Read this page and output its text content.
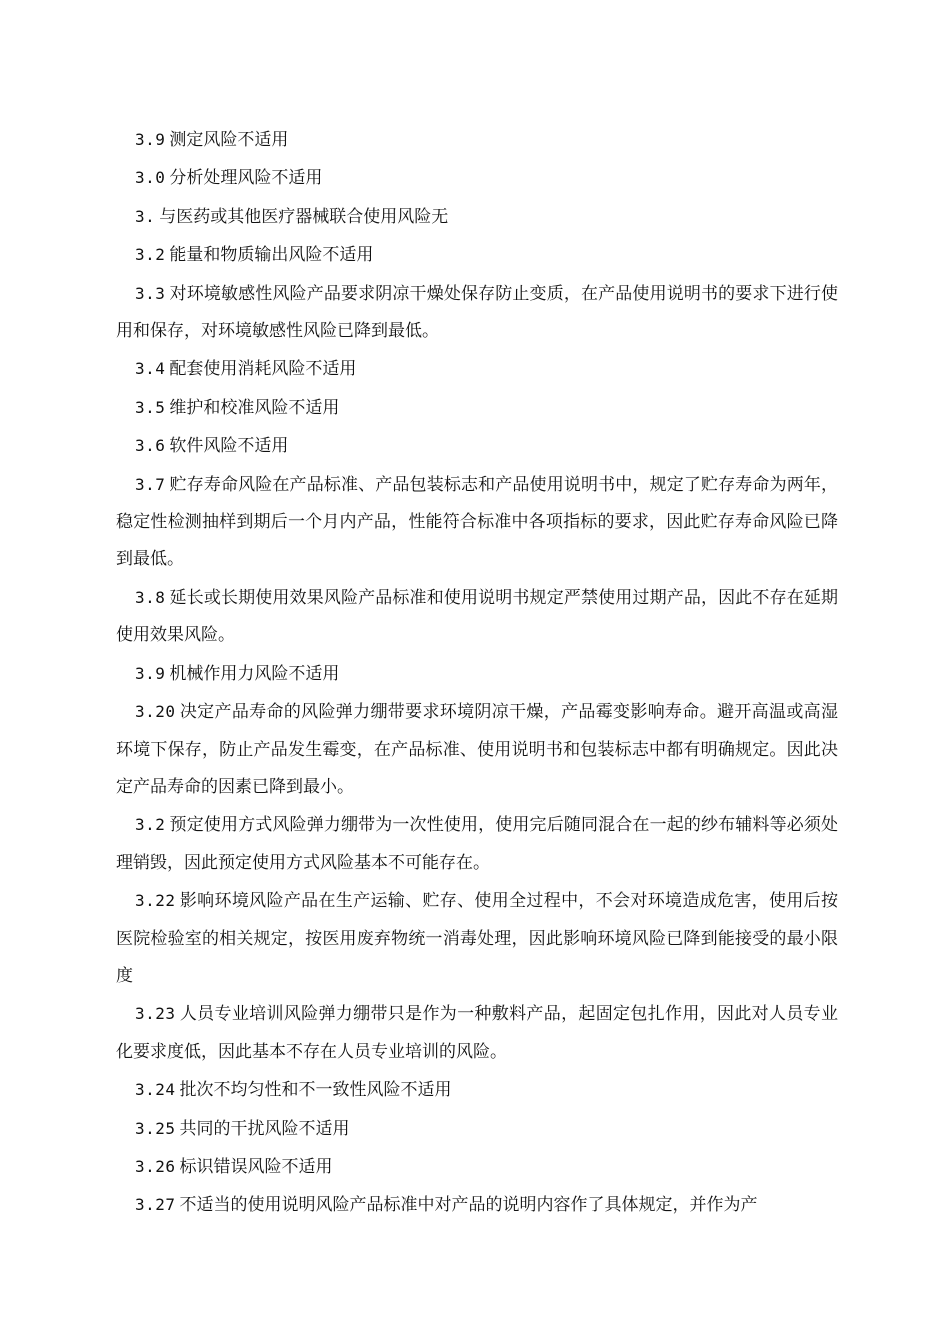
3.9 测定风险不适用

3.0 分析处理风险不适用

3. 与医药或其他医疗器械联合使用风险无

3.2 能量和物质输出风险不适用

3.3 对环境敏感性风险产品要求阴凉干燥处保存防止变质，在产品使用说明书的要求下进行使用和保存，对环境敏感性风险已降到最低。

3.4 配套使用消耗风险不适用

3.5 维护和校准风险不适用

3.6 软件风险不适用

3.7 贮存寿命风险在产品标准、产品包装标志和产品使用说明书中，规定了贮存寿命为两年，稳定性检测抽样到期后一个月内产品，性能符合标准中各项指标的要求，因此贮存寿命风险已降到最低。

3.8 延长或长期使用效果风险产品标准和使用说明书规定严禁使用过期产品，因此不存在延期使用效果风险。

3.9 机械作用力风险不适用

3.20 决定产品寿命的风险弹力绷带要求环境阴凉干燥，产品霉变影响寿命。避开高温或高湿环境下保存，防止产品发生霉变，在产品标准、使用说明书和包装标志中都有明确规定。因此决定产品寿命的因素已降到最小。

3.2 预定使用方式风险弹力绷带为一次性使用，使用完后随同混合在一起的纱布辅料等必须处理销毁，因此预定使用方式风险基本不可能存在。

3.22 影响环境风险产品在生产运输、贮存、使用全过程中，不会对环境造成危害，使用后按医院检验室的相关规定，按医用废弃物统一消毒处理，因此影响环境风险已降到能接受的最小限度

3.23 人员专业培训风险弹力绷带只是作为一种敷料产品，起固定包扎作用，因此对人员专业化要求度低，因此基本不存在人员专业培训的风险。

3.24 批次不均匀性和不一致性风险不适用

3.25 共同的干扰风险不适用

3.26 标识错误风险不适用

3.27 不适当的使用说明风险产品标准中对产品的说明内容作了具体规定，并作为产
